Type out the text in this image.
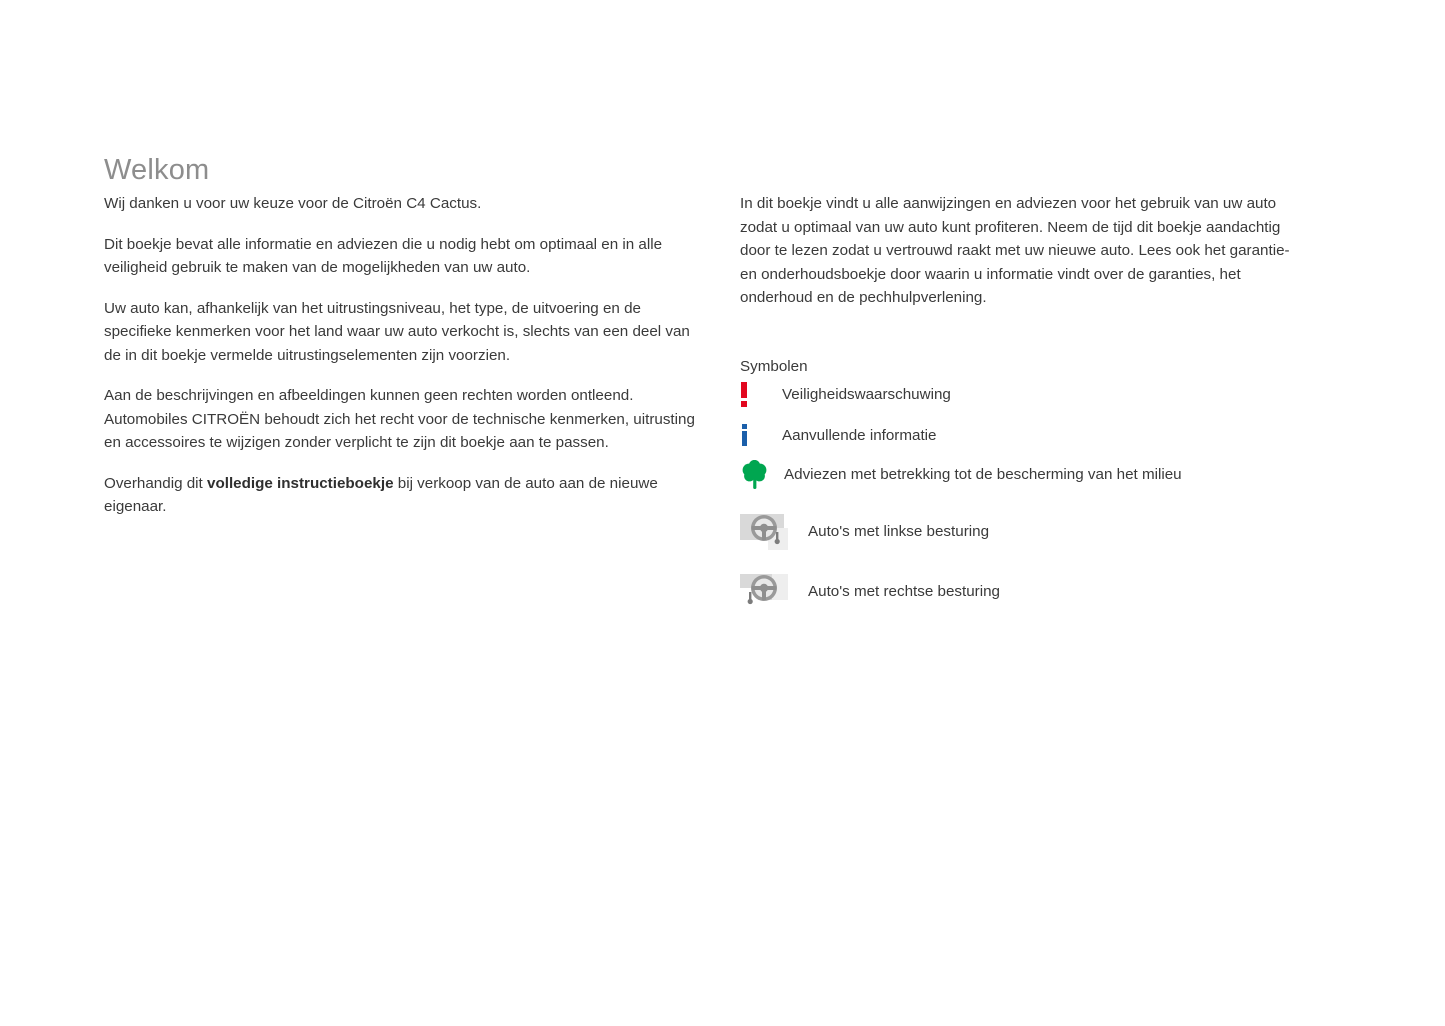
Welkom

Wij danken u voor uw keuze voor de Citroën C4 Cactus.

Dit boekje bevat alle informatie en adviezen die u nodig hebt om optimaal en in alle veiligheid gebruik te maken van de mogelijkheden van uw auto.

Uw auto kan, afhankelijk van het uitrustingsniveau, het type, de uitvoering en de specifieke kenmerken voor het land waar uw auto verkocht is, slechts van een deel van de in dit boekje vermelde uitrustingselementen zijn voorzien.

Aan de beschrijvingen en afbeeldingen kunnen geen rechten worden ontleend.

Automobiles CITROËN behoudt zich het recht voor de technische kenmerken, uitrusting en accessoires te wijzigen zonder verplicht te zijn dit boekje aan te passen.

Overhandig dit volledige instructieboekje bij verkoop van de auto aan de nieuwe eigenaar.

In dit boekje vindt u alle aanwijzingen en adviezen voor het gebruik van uw auto zodat u optimaal van uw auto kunt profiteren. Neem de tijd dit boekje aandachtig door te lezen zodat u vertrouwd raakt met uw nieuwe auto. Lees ook het garantie- en onderhoudsboekje door waarin u informatie vindt over de garanties, het onderhoud en de pechhulpverlening.

Symbolen
Veiligheidswaarschuwing
Aanvullende informatie
Adviezen met betrekking tot de bescherming van het milieu
Auto's met linkse besturing
Auto's met rechtse besturing
